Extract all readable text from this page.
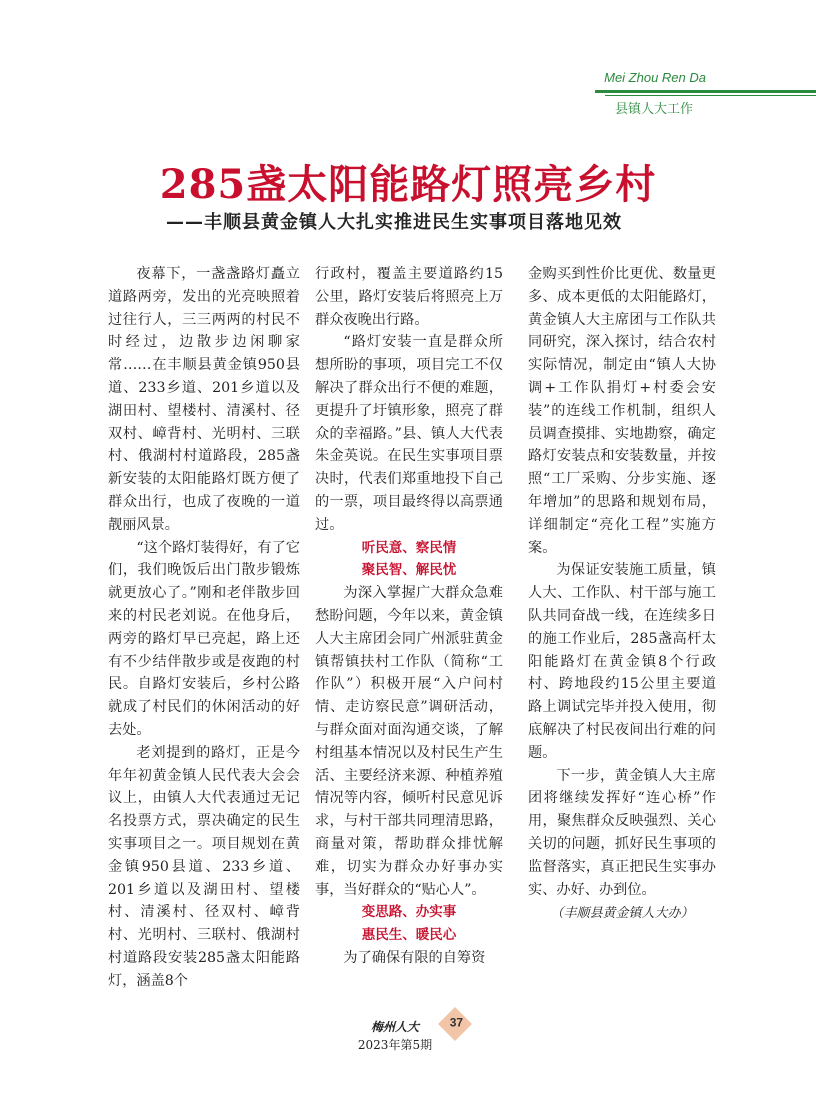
Mei Zhou Ren Da
县镇人大工作
285盏太阳能路灯照亮乡村
——丰顺县黄金镇人大扎实推进民生实事项目落地见效

夜幕下，一盏盏路灯矗立道路两旁，发出的光亮映照着过往行人，三三两两的村民不时经过，边散步边闲聊家常……在丰顺县黄金镇950县道、233乡道、201乡道以及湖田村、望楼村、清溪村、径双村、嶂背村、光明村、三联村、俄湖村村道路段，285盏新安装的太阳能路灯既方便了群众出行，也成了夜晚的一道靓丽风景。

“这个路灯装得好，有了它们，我们晚饭后出门散步锻炼就更放心了。”刚和老伴散步回来的村民老刘说。在他身后，两旁的路灯早已亮起，路上还有不少结伴散步或是夜跑的村民。自路灯安装后，乡村公路就成了村民们的休闲活动的好去处。

老刘提到的路灯，正是今年年初黄金镇人民代表大会会议上，由镇人大代表通过无记名投票方式，票决确定的民生实事项目之一。项目规划在黄金镇950县道、233乡道、201乡道以及湖田村、望楼村、清溪村、径双村、嶂背村、光明村、三联村、俄湖村村道路段安装285盏太阳能路灯，涵盖8个

行政村，覆盖主要道路约15公里，路灯安装后将照亮上万群众夜晚出行路。

“路灯安装一直是群众所想所盼的事项，项目完工不仅解决了群众出行不便的难题，更提升了圩镇形象，照亮了群众的幸福路。”县、镇人大代表朱金英说。在民生实事项目票决时，代表们郑重地投下自己的一票，项目最终得以高票通过。

听民意、察民情
聚民智、解民忧

为深入掌握广大群众急难愁盼问题，今年以来，黄金镇人大主席团会同广州派驻黄金镇帮镇扶村工作队（简称“工作队”）积极开展“入户问村情、走访察民意”调研活动，与群众面对面沟通交谈，了解村组基本情况以及村民生产生活、主要经济来源、种植养殖情况等内容，倾听村民意见诉求，与村干部共同理清思路，商量对策，帮助群众排忧解难，切实为群众办好事办实事，当好群众的“贴心人”。

变思路、办实事
惠民生、暖民心

为了确保有限的自筹资

金购买到性价比更优、数量更多、成本更低的太阳能路灯，黄金镇人大主席团与工作队共同研究，深入探讨，结合农村实际情况，制定由“镇人大协调+工作队捐灯+村委会安装”的连线工作机制，组织人员调查摸排、实地勘察，确定路灯安装点和安装数量，并按照“工厂采购、分步实施、逐年增加”的思路和规划布局，详细制定“亮化工程”实施方案。

为保证安装施工质量，镇人大、工作队、村干部与施工队共同奋战一线，在连续多日的施工作业后，285盏高杆太阳能路灯在黄金镇8个行政村、跨地段约15公里主要道路上调试完毕并投入使用，彻底解决了村民夜间出行难的问题。

下一步，黄金镇人大主席团将继续发挥好“连心桥”作用，聚焦群众反映强烈、关心关切的问题，抓好民生事项的监督落实，真正把民生实事办实、办好、办到位。

（丰顺县黄金镇人大办）
梅州人大
2023年第5期
37
